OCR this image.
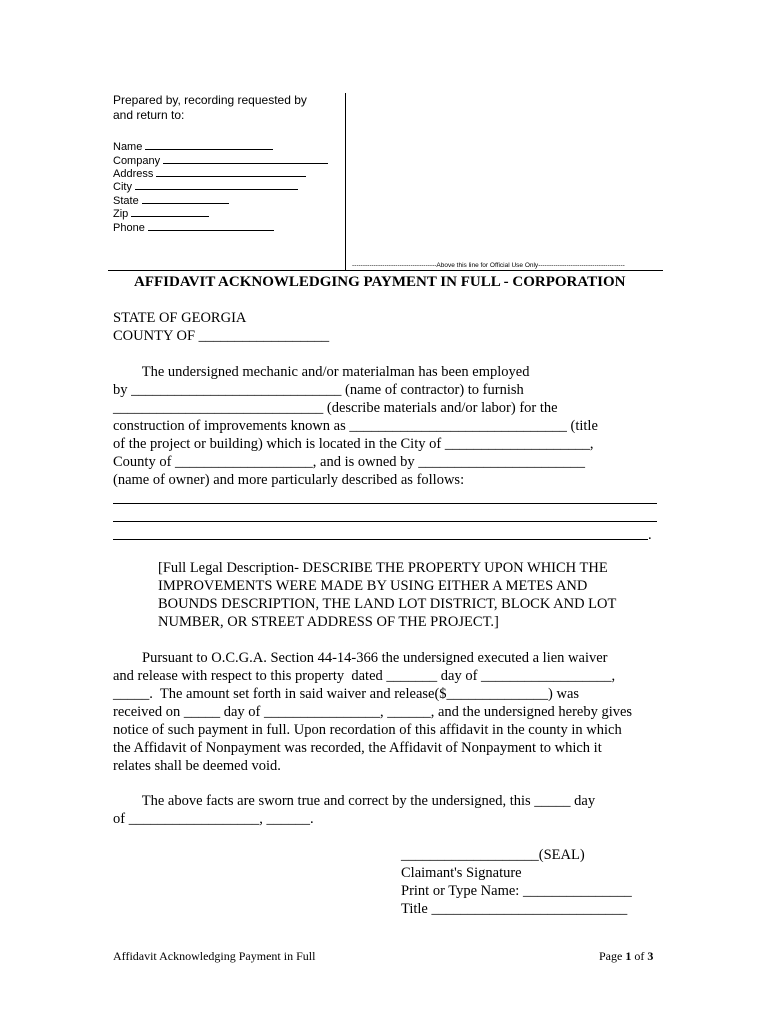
Prepared by, recording requested by
and return to:
Name
Company
Address
City
State
Zip
Phone
---------------------------------------Above this line for Official Use Only----------------------------------------
AFFIDAVIT ACKNOWLEDGING PAYMENT IN FULL - CORPORATION
STATE OF GEORGIA
COUNTY OF __________________
The undersigned mechanic and/or materialman has been employed
by _____________________________ (name of contractor) to furnish
_____________________________ (describe materials and/or labor) for the
construction of improvements known as ______________________________ (title
of the project or building) which is located in the City of ____________________,
County of ___________________, and is owned by _______________________
(name of owner) and more particularly described as follows:
.
[Full Legal Description- DESCRIBE THE PROPERTY UPON WHICH THE
IMPROVEMENTS WERE MADE BY USING EITHER A METES AND
BOUNDS DESCRIPTION, THE LAND LOT DISTRICT, BLOCK AND LOT
NUMBER, OR STREET ADDRESS OF THE PROJECT.]
Pursuant to O.C.G.A. Section 44-14-366 the undersigned executed a lien waiver
and release with respect to this property  dated _______ day of __________________,
_____.  The amount set forth in said waiver and release($______________) was
received on _____ day of ________________, ______, and the undersigned hereby gives
notice of such payment in full. Upon recordation of this affidavit in the county in which
the Affidavit of Nonpayment was recorded, the Affidavit of Nonpayment to which it
relates shall be deemed void.
The above facts are sworn true and correct by the undersigned, this _____ day
of __________________, ______.
___________________(SEAL)
Claimant's Signature
Print or Type Name: _______________
Title ___________________________
Affidavit Acknowledging Payment in Full	Page 1 of 3
